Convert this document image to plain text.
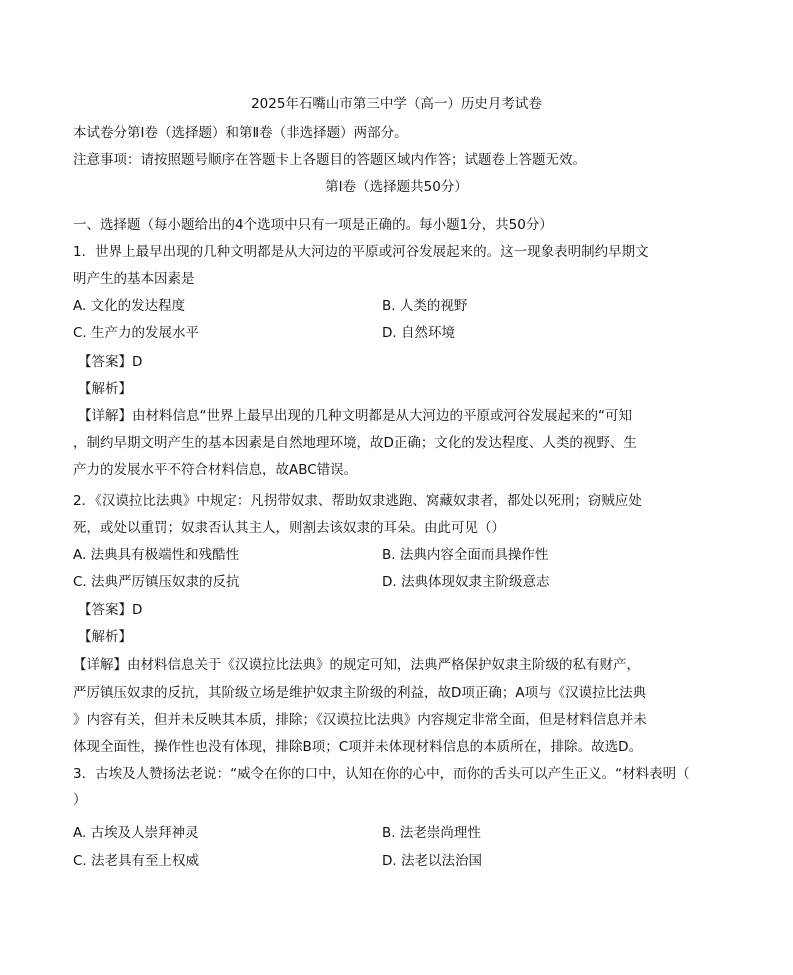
2025年石嘴山市第三中学（高一）历史月考试卷
本试卷分第Ⅰ卷（选择题）和第Ⅱ卷（非选择题）两部分。
注意事项：请按照题号顺序在答题卡上各题目的答题区域内作答；试题卷上答题无效。
第Ⅰ卷（选择题共50分）
一、选择题（每小题给出的4个选项中只有一项是正确的。每小题1分，共50分）
1．世界上最早出现的几种文明都是从大河边的平原或河谷发展起来的。这一现象表明制约早期文
明产生的基本因素是
A. 文化的发达程度	B. 人类的视野
C. 生产力的发展水平	D. 自然环境
【答案】D
【解析】
【详解】由材料信息“世界上最早出现的几种文明都是从大河边的平原或河谷发展起来的“可知
，制约早期文明产生的基本因素是自然地理环境，故D正确；文化的发达程度、人类的视野、生
产力的发展水平不符合材料信息，故ABC错误。
2．《汉谟拉比法典》中规定：凡拐带奴隶、帮助奴隶逃跑、窝藏奴隶者，都处以死刑；窃贼应处
死，或处以重罚；奴隶否认其主人，则割去该奴隶的耳朵。由此可见（）
A. 法典具有极端性和残酷性	B. 法典内容全面而具操作性
C. 法典严厉镇压奴隶的反抗	D. 法典体现奴隶主阶级意志
【答案】D
【解析】
【详解】由材料信息关于《汉谟拉比法典》的规定可知，法典严格保护奴隶主阶级的私有财产，
严厉镇压奴隶的反抗，其阶级立场是维护奴隶主阶级的利益，故D项正确；A项与《汉谟拉比法典
》内容有关，但并未反映其本质，排除；《汉谟拉比法典》内容规定非常全面，但是材料信息并未
体现全面性，操作性也没有体现，排除B项；C项并未体现材料信息的本质所在，排除。故选D。
3．古埃及人赞扬法老说：“威令在你的口中，认知在你的心中，而你的舌头可以产生正义。“材料表明（
）
A. 古埃及人崇拜神灵	B. 法老崇尚理性
C. 法老具有至上权威	D. 法老以法治国
